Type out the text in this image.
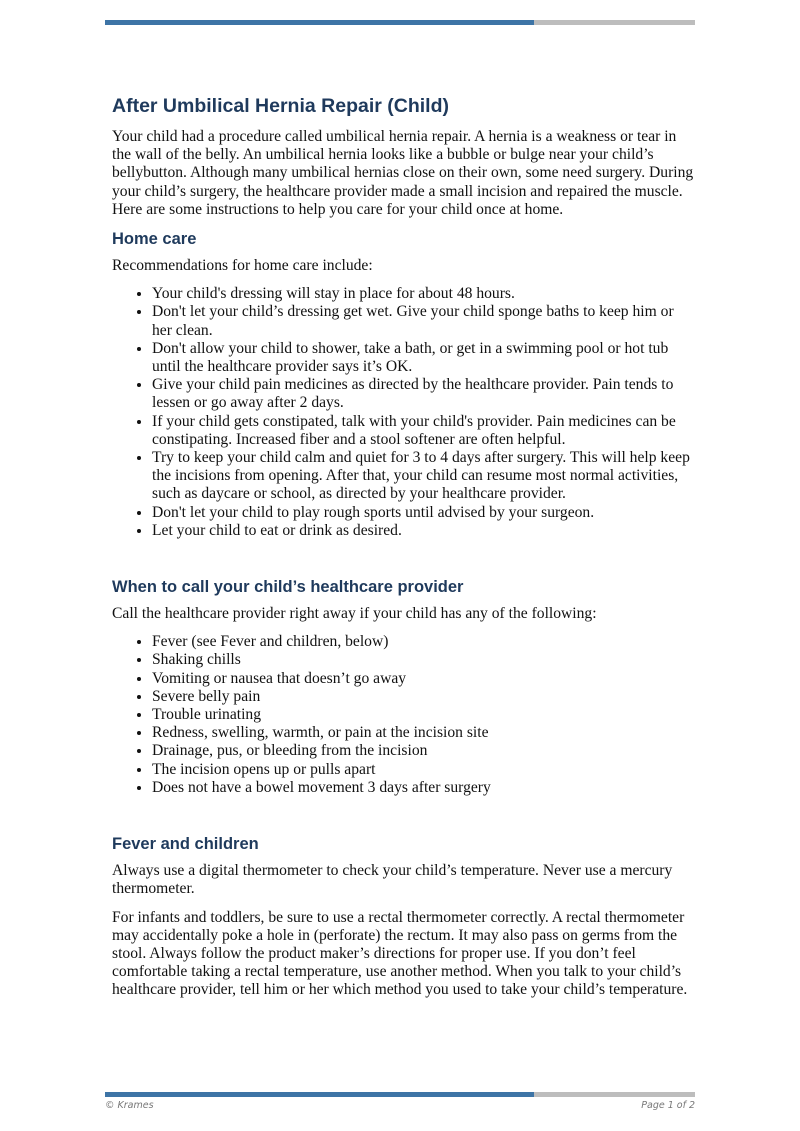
After Umbilical Hernia Repair (Child)

Your child had a procedure called umbilical hernia repair. A hernia is a weakness or tear in the wall of the belly. An umbilical hernia looks like a bubble or bulge near your child’s bellybutton. Although many umbilical hernias close on their own, some need surgery. During your child’s surgery, the healthcare provider made a small incision and repaired the muscle. Here are some instructions to help you care for your child once at home.

Home care

Recommendations for home care include:

• Your child's dressing will stay in place for about 48 hours.
• Don't let your child’s dressing get wet. Give your child sponge baths to keep him or her clean.
• Don't allow your child to shower, take a bath, or get in a swimming pool or hot tub until the healthcare provider says it’s OK.
• Give your child pain medicines as directed by the healthcare provider. Pain tends to lessen or go away after 2 days.
• If your child gets constipated, talk with your child's provider. Pain medicines can be constipating. Increased fiber and a stool softener are often helpful.
• Try to keep your child calm and quiet for 3 to 4 days after surgery. This will help keep the incisions from opening. After that, your child can resume most normal activities, such as daycare or school, as directed by your healthcare provider.
• Don't let your child to play rough sports until advised by your surgeon.
• Let your child to eat or drink as desired.
When to call your child’s healthcare provider

Call the healthcare provider right away if your child has any of the following:

• Fever (see Fever and children, below)
• Shaking chills
• Vomiting or nausea that doesn’t go away
• Severe belly pain
• Trouble urinating
• Redness, swelling, warmth, or pain at the incision site
• Drainage, pus, or bleeding from the incision
• The incision opens up or pulls apart
• Does not have a bowel movement 3 days after surgery
Fever and children

Always use a digital thermometer to check your child’s temperature. Never use a mercury thermometer.

For infants and toddlers, be sure to use a rectal thermometer correctly. A rectal thermometer may accidentally poke a hole in (perforate) the rectum. It may also pass on germs from the stool. Always follow the product maker’s directions for proper use. If you don’t feel comfortable taking a rectal temperature, use another method. When you talk to your child’s healthcare provider, tell him or her which method you used to take your child’s temperature.

© Krames	Page 1 of 2
